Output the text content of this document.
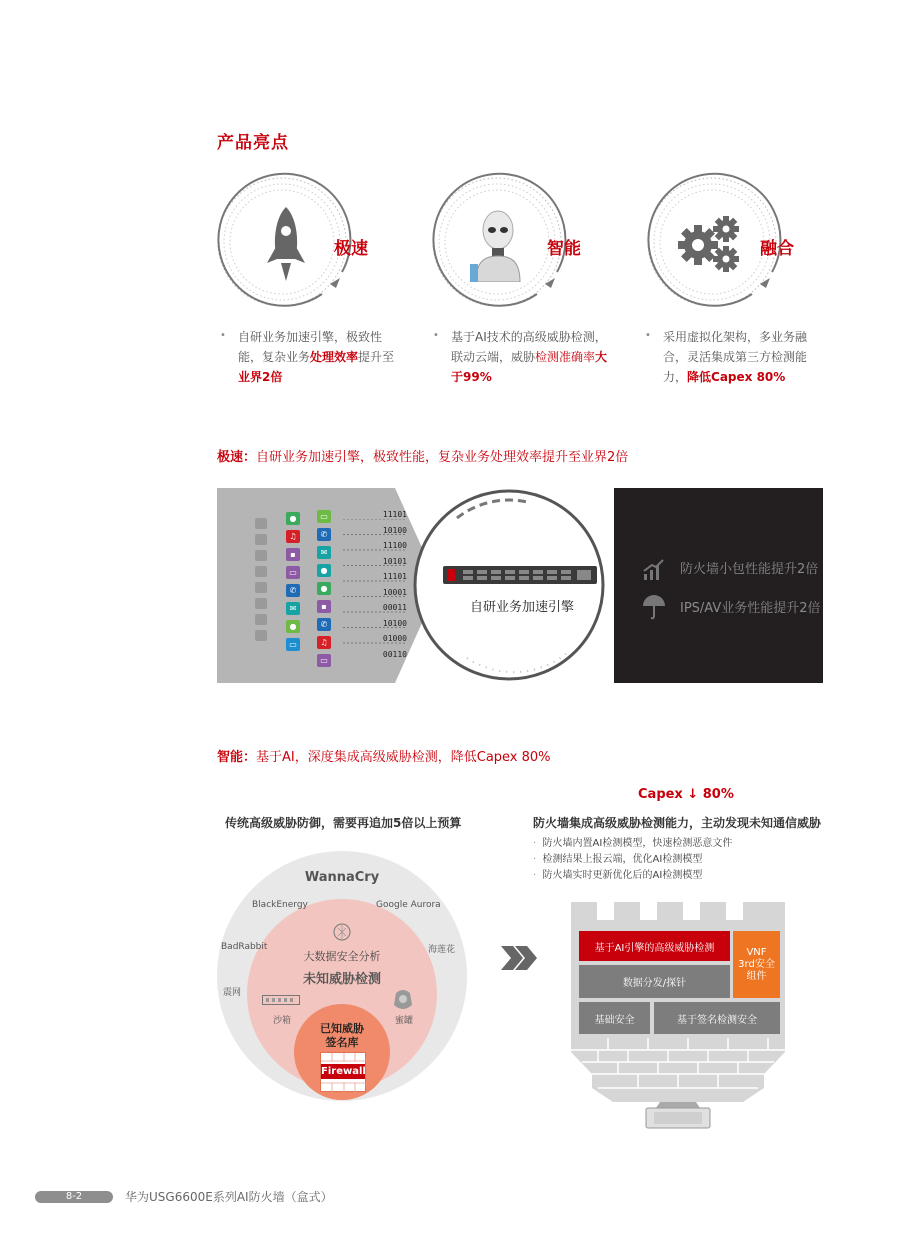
产品亮点
极速	智能	融合
• 自研业务加速引擎，极致性
能，复杂业务处理效率提升至
业界2倍
• 基于AI技术的高级威胁检测，
联动云端，威胁检测准确率大
于99%
• 采用虚拟化架构，多业务融
合，灵活集成第三方检测能
力，降低Capex 80%
极速：自研业务加速引擎，极致性能，复杂业务处理效率提升至业界2倍
●
♫
▪
▭
✆
✉
●
▭
▭
✆
✉
●
●
▪
✆
♫
▭
11101
10100
11100
10101
11101
10001
00011
10100
01000
00110
自研业务加速引擎
防火墙小包性能提升2倍
IPS/AV业务性能提升2倍
智能：基于AI，深度集成高级威胁检测，降低Capex 80%
Capex ↓ 80%
传统高级威胁防御，需要再追加5倍以上预算	防火墙集成高级威胁检测能力，主动发现未知通信威胁
·  防火墙内置AI检测模型，快速检测恶意文件
·  检测结果上报云端，优化AI检测模型
·  防火墙实时更新优化后的AI检测模型
WannaCry
BlackEnergy	Google Aurora
BadRabbit	海莲花
震网
大数据安全分析
未知威胁检测
沙箱	蜜罐
已知威胁
签名库
Firewall
基于AI引擎的高级威胁检测	VNF
3rd安全
组件
数据分发/探针
基础安全	基于签名检测安全
8-2	华为USG6600E系列AI防火墙（盒式）
